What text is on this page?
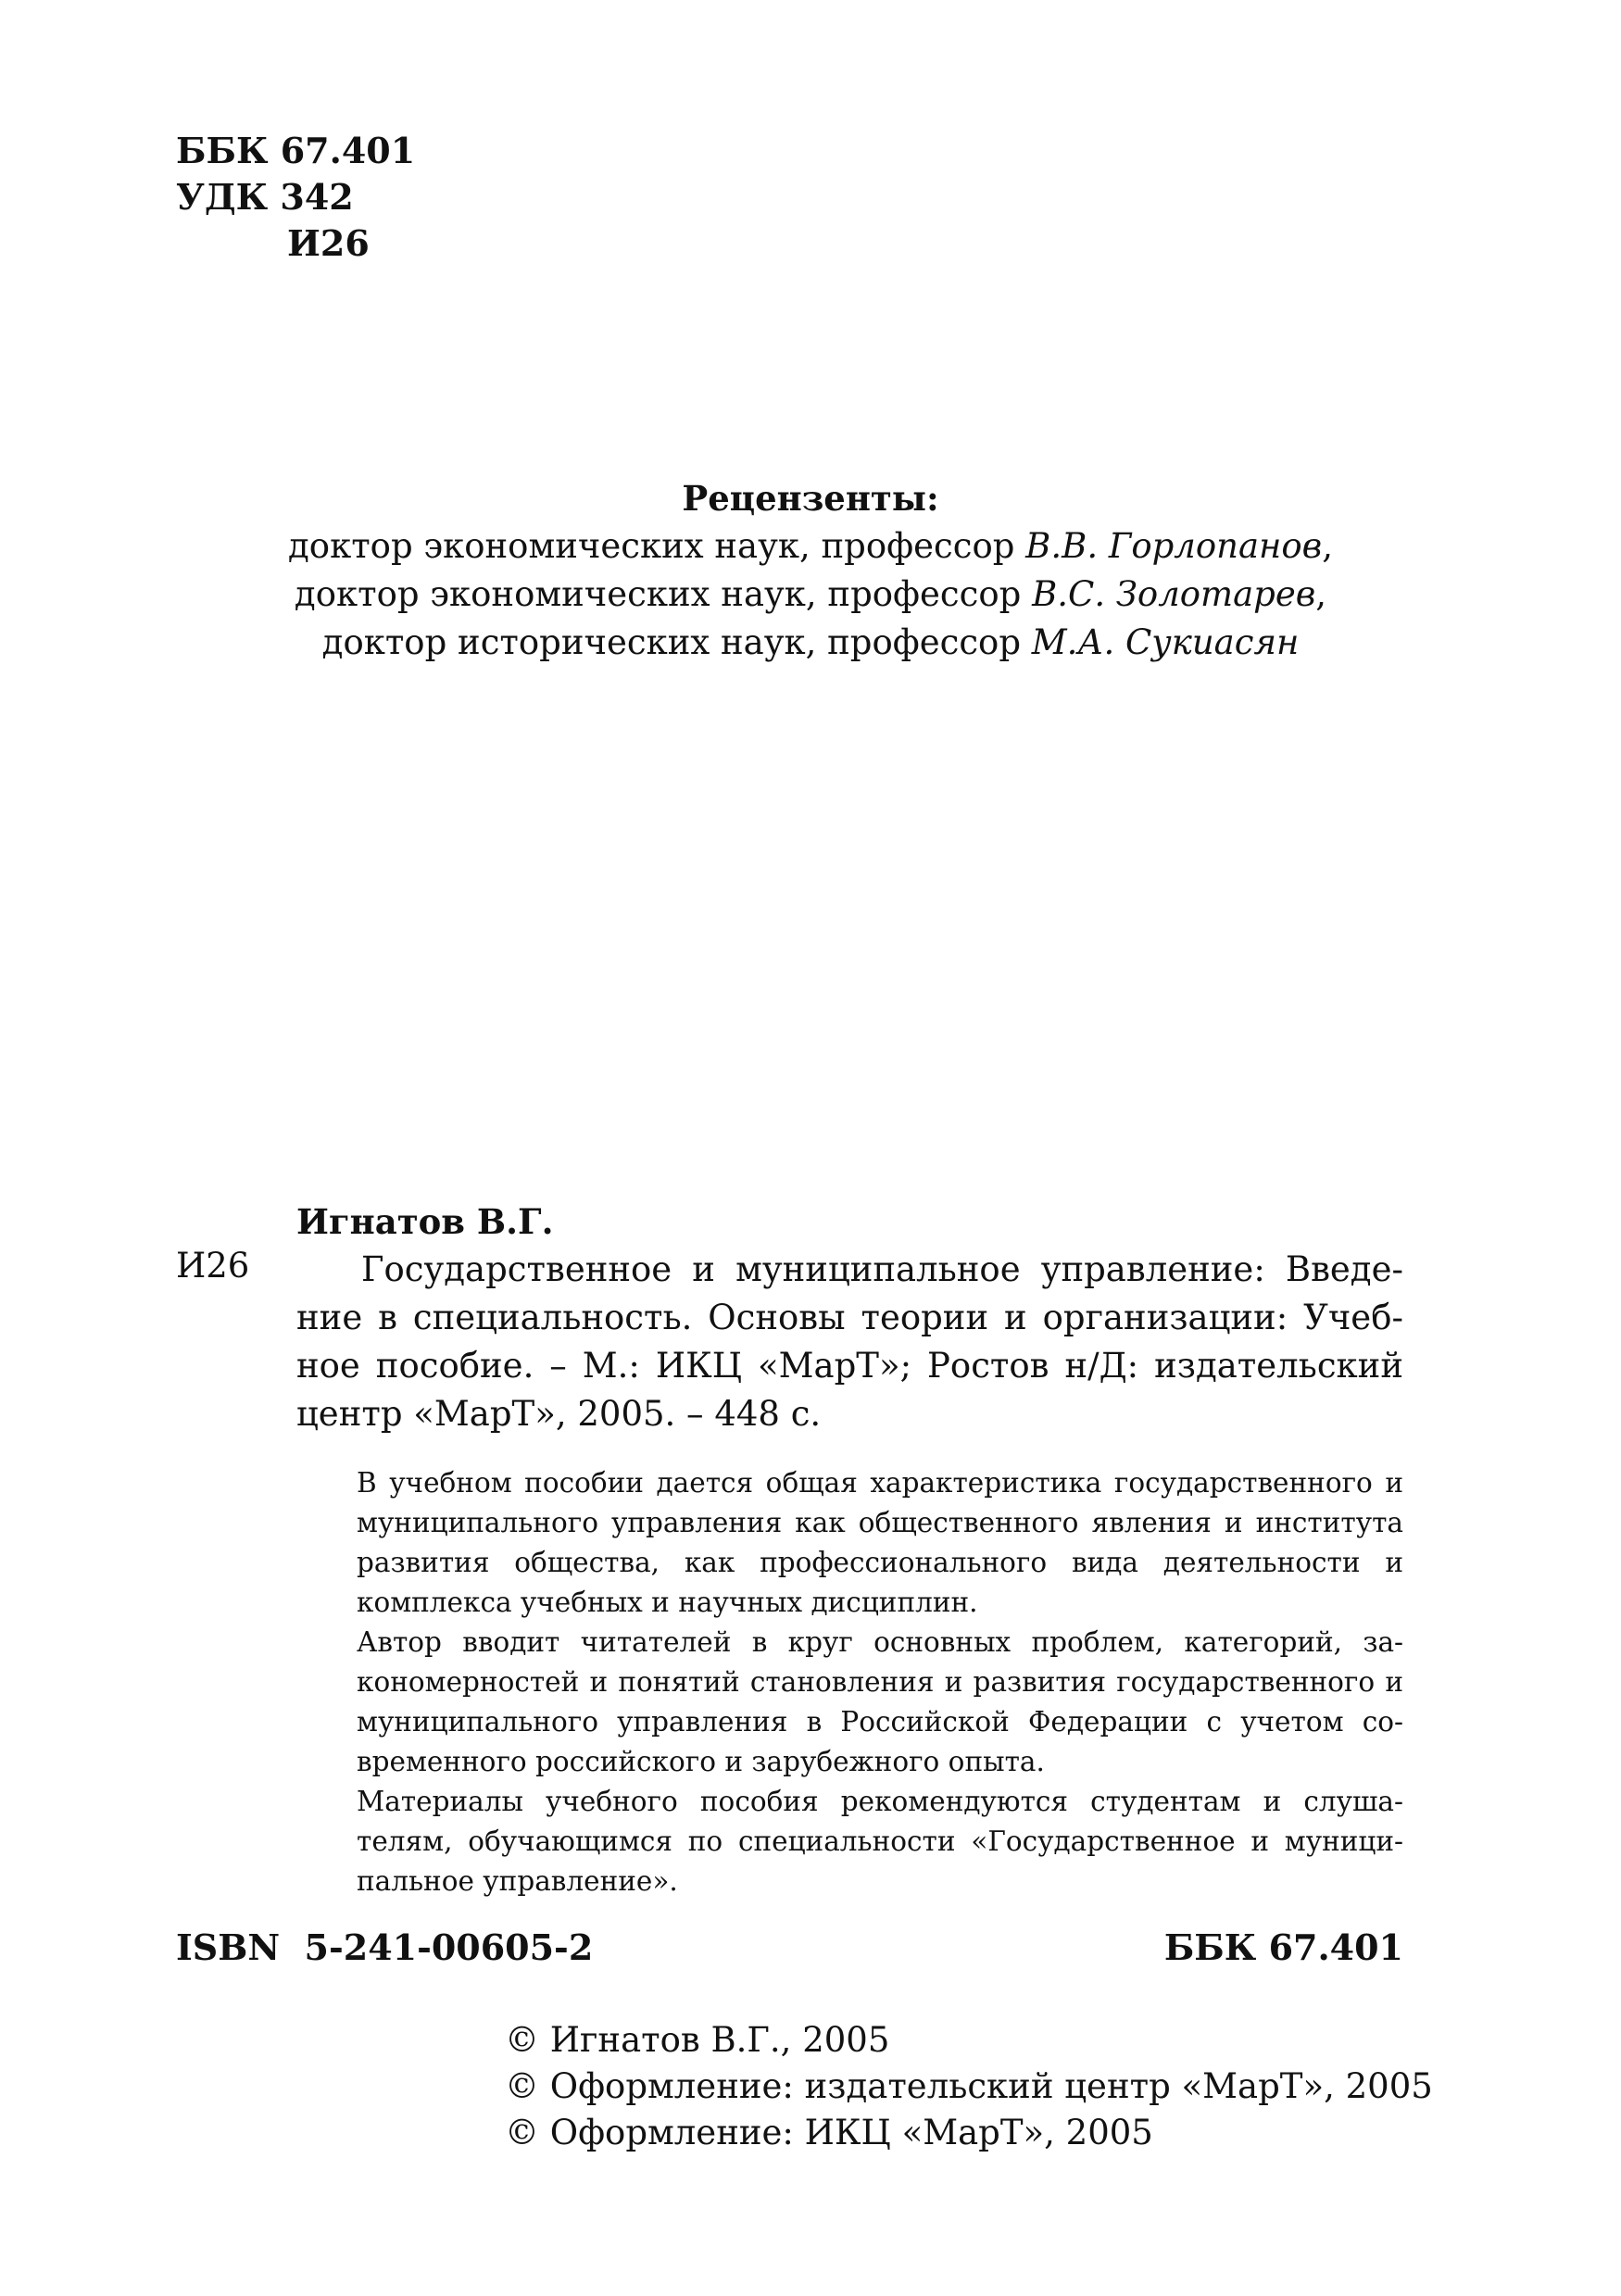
ББК 67.401
УДК 342
И26
Рецензенты:
доктор экономических наук, профессор В.В. Горлопанов,
доктор экономических наук, профессор В.С. Золотарев,
доктор исторических наук, профессор М.А. Сукиасян
Игнатов В.Г.
И26	Государственное и муниципальное управление: Введение в специальность. Основы теории и организации: Учебное пособие. – М.: ИКЦ «МарТ»; Ростов н/Д: издательский центр «МарТ», 2005. – 448 с.

В учебном пособии дается общая характеристика государственного и муниципального управления как общественного явления и института развития общества, как профессионального вида деятельности и комплекса учебных и научных дисциплин.

Автор вводит читателей в круг основных проблем, категорий, закономерностей и понятий становления и развития государственного и муниципального управления в Российской Федерации с учетом современного российского и зарубежного опыта.

Материалы учебного пособия рекомендуются студентам и слушателям, обучающимся по специальности «Государственное и муниципальное управление».

ISBN 5-241-00605-2	ББК 67.401
© Игнатов В.Г., 2005
© Оформление: издательский центр «МарТ», 2005
© Оформление: ИКЦ «МарТ», 2005
